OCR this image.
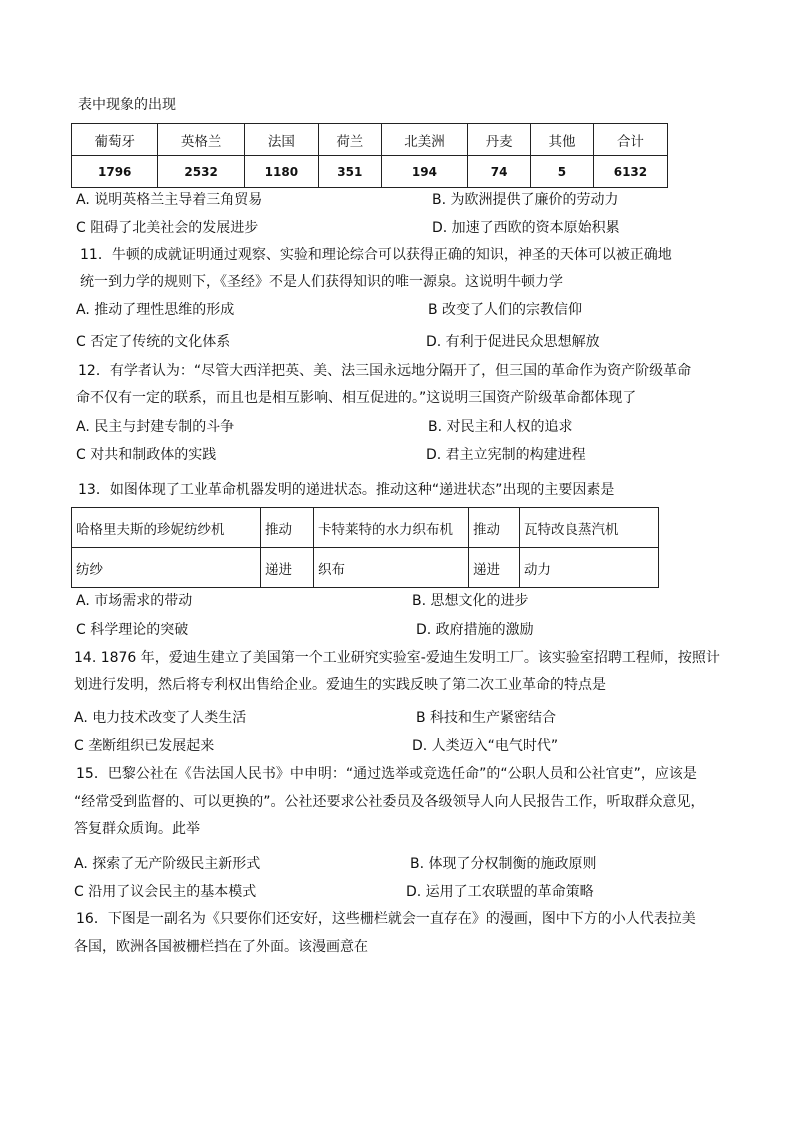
表中现象的出现
葡萄牙	英格兰	法国	荷兰	北美洲	丹麦	其他	合计
1796	2532	1180	351	194	74	5	6132
A. 说明英格兰主导着三角贸易	B. 为欧洲提供了廉价的劳动力
C 阻碍了北美社会的发展进步	D. 加速了西欧的资本原始积累
11．牛顿的成就证明通过观察、实验和理论综合可以获得正确的知识，神圣的天体可以被正确地
统一到力学的规则下，《圣经》不是人们获得知识的唯一源泉。这说明牛顿力学
A. 推动了理性思维的形成	B 改变了人们的宗教信仰
C 否定了传统的文化体系	D. 有利于促进民众思想解放
12．有学者认为：“尽管大西洋把英、美、法三国永远地分隔开了，但三国的革命作为资产阶级革命
命不仅有一定的联系，而且也是相互影响、相互促进的。”这说明三国资产阶级革命都体现了
A. 民主与封建专制的斗争	B. 对民主和人权的追求
C 对共和制政体的实践	D. 君主立宪制的构建进程
13．如图体现了工业革命机器发明的递进状态。推动这种“递进状态”出现的主要因素是
哈格里夫斯的珍妮纺纱机	推动	卡特莱特的水力织布机	推动	瓦特改良蒸汽机
纺纱	递进	织布	递进	动力
A. 市场需求的带动	B. 思想文化的进步
C 科学理论的突破	D. 政府措施的激励
14. 1876 年，爱迪生建立了美国第一个工业研究实验室-爱迪生发明工厂。该实验室招聘工程师，按照计
划进行发明，然后将专利权出售给企业。爱迪生的实践反映了第二次工业革命的特点是
A. 电力技术改变了人类生活	B 科技和生产紧密结合
C 垄断组织已发展起来	D. 人类迈入“电气时代”
15．巴黎公社在《告法国人民书》中申明：“通过选举或竞选任命”的“公职人员和公社官吏”，应该是
“经常受到监督的、可以更换的”。公社还要求公社委员及各级领导人向人民报告工作，听取群众意见，
答复群众质询。此举
A. 探索了无产阶级民主新形式	B. 体现了分权制衡的施政原则
C 沿用了议会民主的基本模式	D. 运用了工农联盟的革命策略
16．下图是一副名为《只要你们还安好，这些栅栏就会一直存在》的漫画，图中下方的小人代表拉美
各国，欧洲各国被栅栏挡在了外面。该漫画意在
